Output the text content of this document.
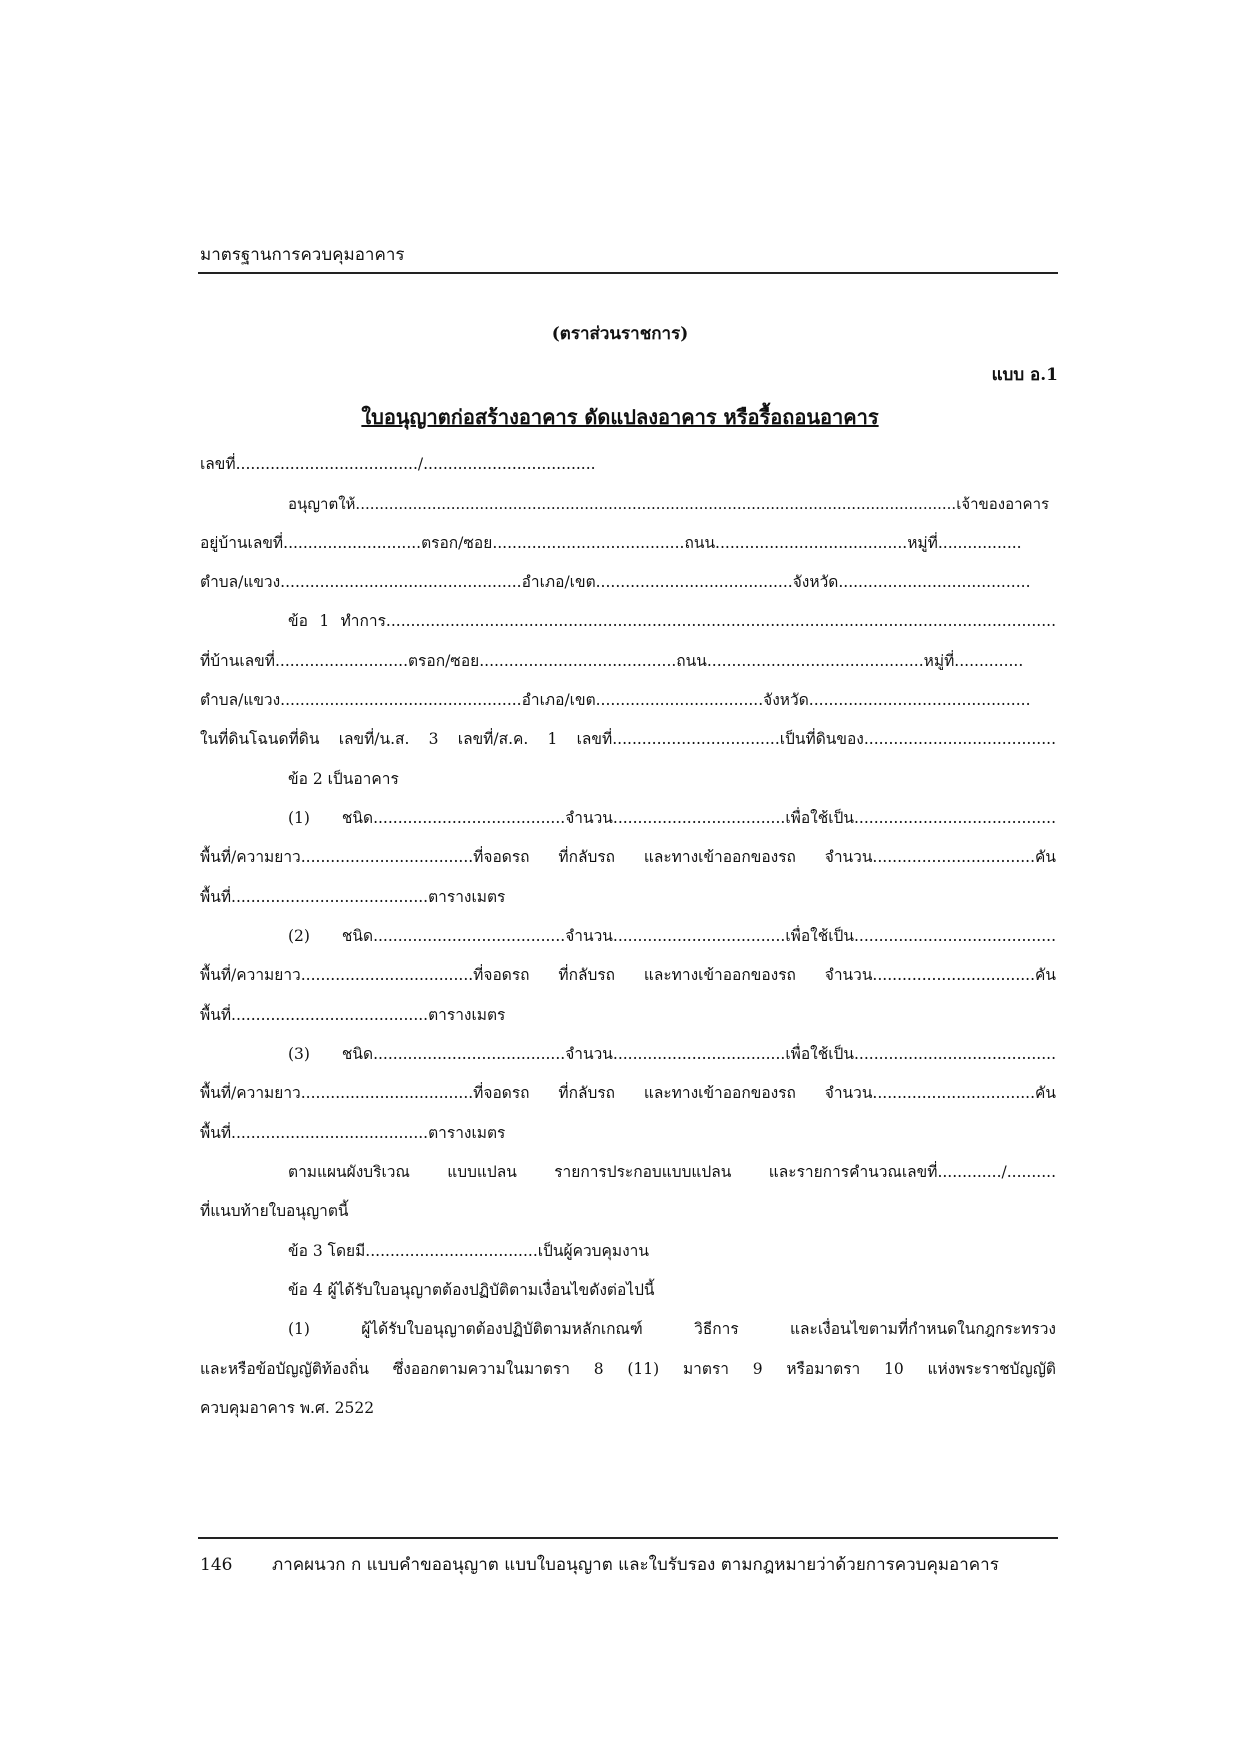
มาตรฐานการควบคุมอาคาร
(ตราส่วนราชการ)
แบบ อ.1
ใบอนุญาตก่อสร้างอาคาร ดัดแปลงอาคาร หรือรื้อถอนอาคาร
เลขที่...................................../...................................
อนุญาตให้..............................................................................................................................เจ้าของอาคาร
อยู่บ้านเลขที่............................ตรอก/ซอย.......................................ถนน.......................................หมู่ที่.................
ตำบล/แขวง.................................................อำเภอ/เขต........................................จังหวัด.......................................
ข้อ 1 ทำการ........................................................................................................................................
ที่บ้านเลขที่...........................ตรอก/ซอย........................................ถนน............................................หมู่ที่..............
ตำบล/แขวง.................................................อำเภอ/เขต..................................จังหวัด.............................................
ในที่ดินโฉนดที่ดิน เลขที่/น.ส. 3 เลขที่/ส.ค. 1 เลขที่..................................เป็นที่ดินของ.......................................
ข้อ 2 เป็นอาคาร
(1) ชนิด.......................................จำนวน...................................เพื่อใช้เป็น.........................................
พื้นที่/ความยาว...................................ที่จอดรถ ที่กลับรถ และทางเข้าออกของรถ จำนวน.................................คัน
พื้นที่........................................ตารางเมตร
(2) ชนิด.......................................จำนวน...................................เพื่อใช้เป็น.........................................
พื้นที่/ความยาว...................................ที่จอดรถ ที่กลับรถ และทางเข้าออกของรถ จำนวน.................................คัน
พื้นที่........................................ตารางเมตร
(3) ชนิด.......................................จำนวน...................................เพื่อใช้เป็น.........................................
พื้นที่/ความยาว...................................ที่จอดรถ ที่กลับรถ และทางเข้าออกของรถ จำนวน.................................คัน
พื้นที่........................................ตารางเมตร
ตามแผนผังบริเวณ แบบแปลน รายการประกอบแบบแปลน และรายการคำนวณเลขที่............./..........
ที่แนบท้ายใบอนุญาตนี้
ข้อ 3 โดยมี...................................เป็นผู้ควบคุมงาน
ข้อ 4 ผู้ได้รับใบอนุญาตต้องปฏิบัติตามเงื่อนไขดังต่อไปนี้
(1) ผู้ได้รับใบอนุญาตต้องปฏิบัติตามหลักเกณฑ์ วิธีการ และเงื่อนไขตามที่กำหนดในกฎกระทรวง
และหรือข้อบัญญัติท้องถิ่น ซึ่งออกตามความในมาตรา 8 (11) มาตรา 9 หรือมาตรา 10 แห่งพระราชบัญญัติ
ควบคุมอาคาร พ.ศ. 2522
146 ภาคผนวก ก แบบคำขออนุญาต แบบใบอนุญาต และใบรับรอง ตามกฎหมายว่าด้วยการควบคุมอาคาร
